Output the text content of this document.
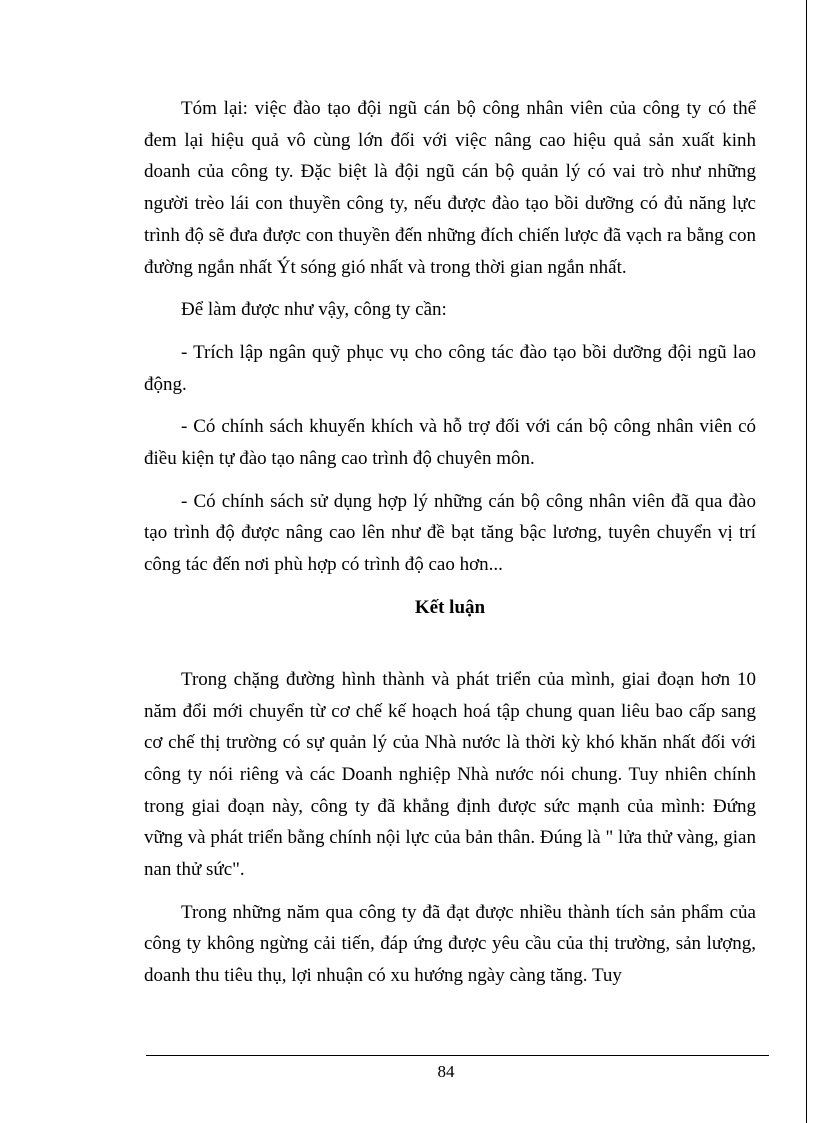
Tóm lại: việc đào tạo đội ngũ cán bộ công nhân viên của công ty có thể đem lại hiệu quả vô cùng lớn đối với việc nâng cao hiệu quả sản xuất kinh doanh của công ty. Đặc biệt là đội ngũ cán bộ quản lý có vai trò như những người trèo lái con thuyền công ty, nếu được đào tạo bồi dưỡng có đủ năng lực trình độ sẽ đưa được con thuyền đến những đích chiến lược đã vạch ra bằng con đường ngắn nhất Ýt sóng gió nhất và trong thời gian ngắn nhất.

Để làm được như vậy, công ty cần:

- Trích lập ngân quỹ phục vụ cho công tác đào tạo bồi dưỡng đội ngũ lao động.

- Có chính sách khuyến khích và hỗ trợ đối với cán bộ công nhân viên có điều kiện tự đào tạo nâng cao trình độ chuyên môn.

- Có chính sách sử dụng hợp lý những cán bộ công nhân viên đã qua đào tạo trình độ được nâng cao lên như đề bạt tăng bậc lương, tuyên chuyển vị trí công tác đến nơi phù hợp có trình độ cao hơn...

Kết luận

Trong chặng đường hình thành và phát triển của mình, giai đoạn hơn 10 năm đổi mới chuyển từ cơ chế kế hoạch hoá tập chung quan liêu bao cấp sang cơ chế thị trường có sự quản lý của Nhà nước là thời kỳ khó khăn nhất đối với công ty nói riêng và các Doanh nghiệp Nhà nước nói chung. Tuy nhiên chính trong giai đoạn này, công ty đã khẳng định được sức mạnh của mình: Đứng vững và phát triển bằng chính nội lực của bản thân. Đúng là " lửa thử vàng, gian nan thử sức".

Trong những năm qua công ty đã đạt được nhiều thành tích sản phẩm của công ty không ngừng cải tiến, đáp ứng được yêu cầu của thị trường, sản lượng, doanh thu tiêu thụ, lợi nhuận có xu hướng ngày càng tăng. Tuy

84
